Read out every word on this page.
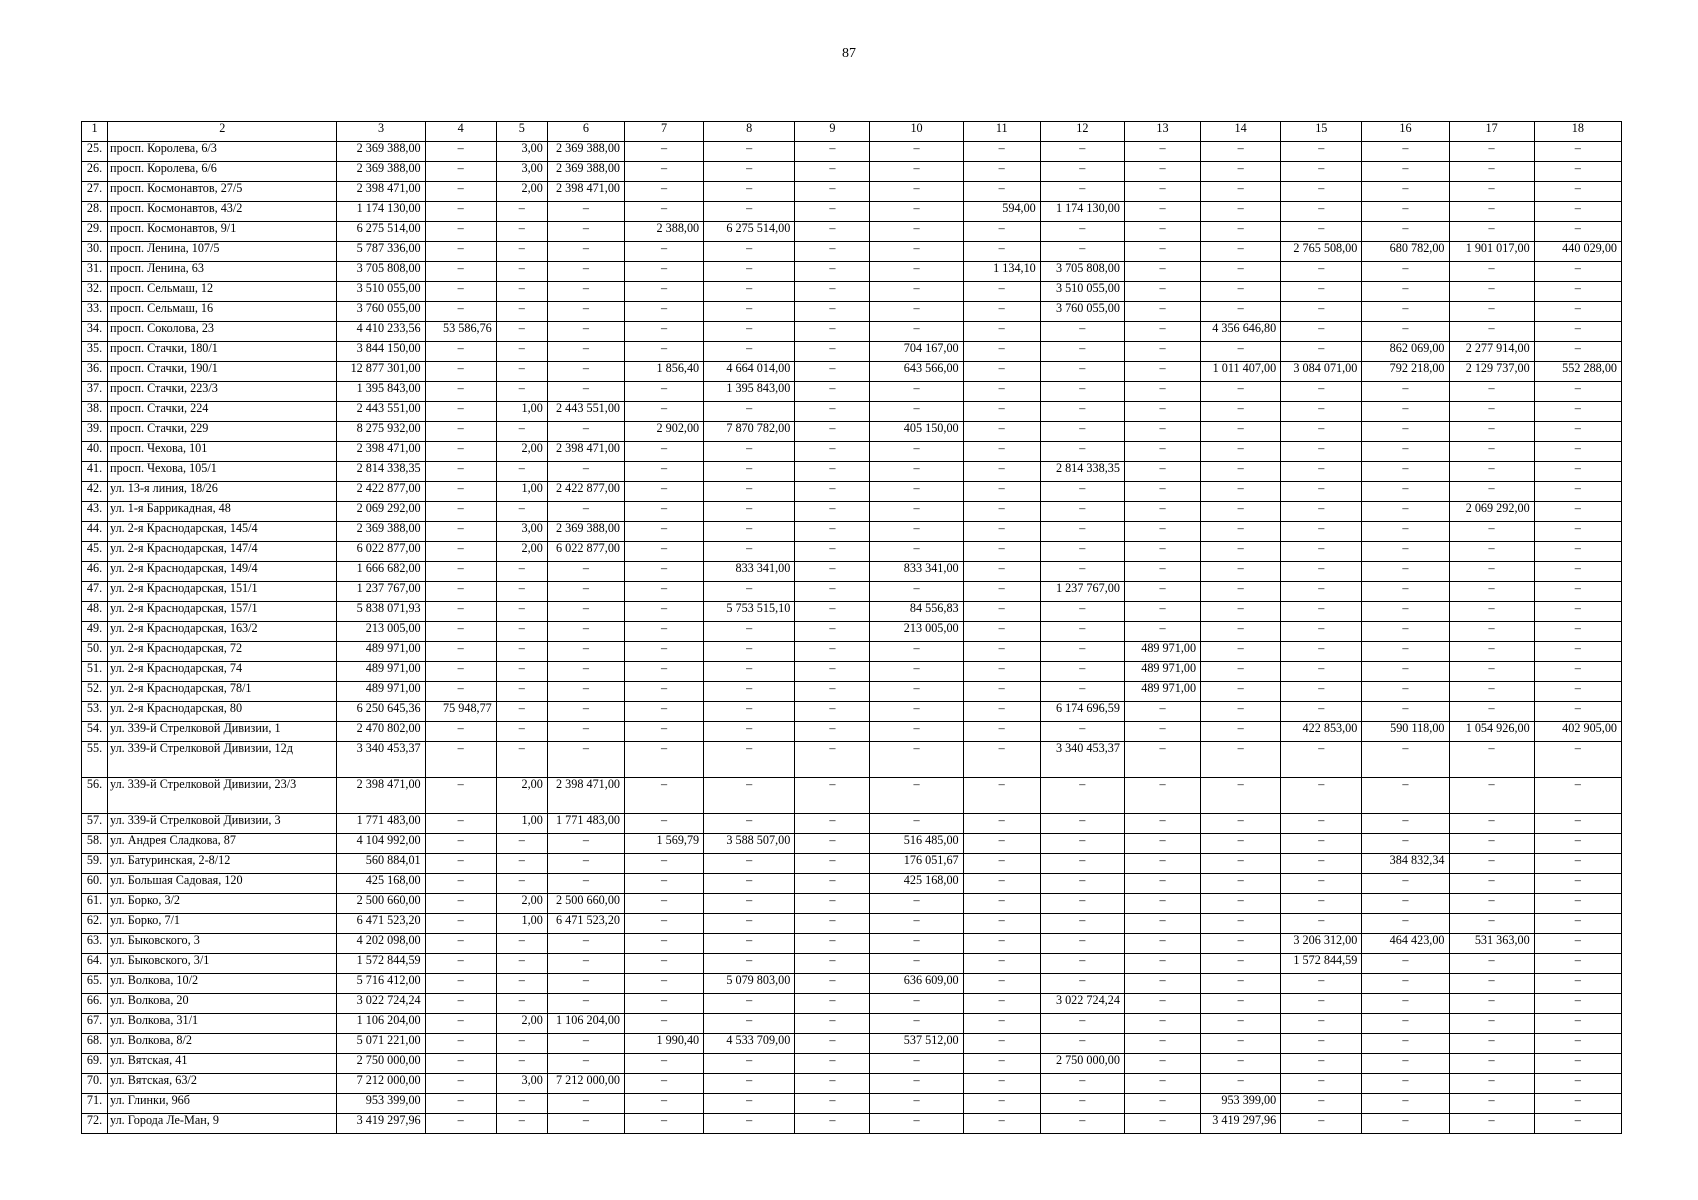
87
1	2	3	4	5	6	7	8	9	10	11	12	13	14	15	16	17	18
25.	просп. Королева, 6/3	2 369 388,00	–	3,00	2 369 388,00	–	–	–	–	–	–	–	–	–	–	–	–
26.	просп. Королева, 6/6	2 369 388,00	–	3,00	2 369 388,00	–	–	–	–	–	–	–	–	–	–	–	–
27.	просп. Космонавтов, 27/5	2 398 471,00	–	2,00	2 398 471,00	–	–	–	–	–	–	–	–	–	–	–	–
28.	просп. Космонавтов, 43/2	1 174 130,00	–	–	–	–	–	–	–	594,00	1 174 130,00	–	–	–	–	–	–
29.	просп. Космонавтов, 9/1	6 275 514,00	–	–	–	2 388,00	6 275 514,00	–	–	–	–	–	–	–	–	–	–
30.	просп. Ленина, 107/5	5 787 336,00	–	–	–	–	–	–	–	–	–	–	–	2 765 508,00	680 782,00	1 901 017,00	440 029,00
31.	просп. Ленина, 63	3 705 808,00	–	–	–	–	–	–	–	1 134,10	3 705 808,00	–	–	–	–	–	–
32.	просп. Сельмаш, 12	3 510 055,00	–	–	–	–	–	–	–	–	3 510 055,00	–	–	–	–	–	–
33.	просп. Сельмаш, 16	3 760 055,00	–	–	–	–	–	–	–	–	3 760 055,00	–	–	–	–	–	–
34.	просп. Соколова, 23	4 410 233,56	53 586,76	–	–	–	–	–	–	–	–	–	4 356 646,80	–	–	–	–
35.	просп. Стачки, 180/1	3 844 150,00	–	–	–	–	–	–	704 167,00	–	–	–	–	–	862 069,00	2 277 914,00	–
36.	просп. Стачки, 190/1	12 877 301,00	–	–	–	1 856,40	4 664 014,00	–	643 566,00	–	–	–	1 011 407,00	3 084 071,00	792 218,00	2 129 737,00	552 288,00
37.	просп. Стачки, 223/3	1 395 843,00	–	–	–	–	1 395 843,00	–	–	–	–	–	–	–	–	–	–
38.	просп. Стачки, 224	2 443 551,00	–	1,00	2 443 551,00	–	–	–	–	–	–	–	–	–	–	–	–
39.	просп. Стачки, 229	8 275 932,00	–	–	–	2 902,00	7 870 782,00	–	405 150,00	–	–	–	–	–	–	–	–
40.	просп. Чехова, 101	2 398 471,00	–	2,00	2 398 471,00	–	–	–	–	–	–	–	–	–	–	–	–
41.	просп. Чехова, 105/1	2 814 338,35	–	–	–	–	–	–	–	–	2 814 338,35	–	–	–	–	–	–
42.	ул. 13-я линия, 18/26	2 422 877,00	–	1,00	2 422 877,00	–	–	–	–	–	–	–	–	–	–	–	–
43.	ул. 1-я Баррикадная, 48	2 069 292,00	–	–	–	–	–	–	–	–	–	–	–	–	–	2 069 292,00	–
44.	ул. 2-я Краснодарская, 145/4	2 369 388,00	–	3,00	2 369 388,00	–	–	–	–	–	–	–	–	–	–	–	–
45.	ул. 2-я Краснодарская, 147/4	6 022 877,00	–	2,00	6 022 877,00	–	–	–	–	–	–	–	–	–	–	–	–
46.	ул. 2-я Краснодарская, 149/4	1 666 682,00	–	–	–	–	833 341,00	–	833 341,00	–	–	–	–	–	–	–	–
47.	ул. 2-я Краснодарская, 151/1	1 237 767,00	–	–	–	–	–	–	–	–	1 237 767,00	–	–	–	–	–	–
48.	ул. 2-я Краснодарская, 157/1	5 838 071,93	–	–	–	–	5 753 515,10	–	84 556,83	–	–	–	–	–	–	–	–
49.	ул. 2-я Краснодарская, 163/2	213 005,00	–	–	–	–	–	–	213 005,00	–	–	–	–	–	–	–	–
50.	ул. 2-я Краснодарская, 72	489 971,00	–	–	–	–	–	–	–	–	–	489 971,00	–	–	–	–	–
51.	ул. 2-я Краснодарская, 74	489 971,00	–	–	–	–	–	–	–	–	–	489 971,00	–	–	–	–	–
52.	ул. 2-я Краснодарская, 78/1	489 971,00	–	–	–	–	–	–	–	–	–	489 971,00	–	–	–	–	–
53.	ул. 2-я Краснодарская, 80	6 250 645,36	75 948,77	–	–	–	–	–	–	–	6 174 696,59	–	–	–	–	–	–
54.	ул. 339-й Стрелковой Дивизии, 1	2 470 802,00	–	–	–	–	–	–	–	–	–	–	–	422 853,00	590 118,00	1 054 926,00	402 905,00
55.	ул. 339-й Стрелковой Дивизии, 12д	3 340 453,37	–	–	–	–	–	–	–	–	3 340 453,37	–	–	–	–	–	–
56.	ул. 339-й Стрелковой Дивизии, 23/3	2 398 471,00	–	2,00	2 398 471,00	–	–	–	–	–	–	–	–	–	–	–	–
57.	ул. 339-й Стрелковой Дивизии, 3	1 771 483,00	–	1,00	1 771 483,00	–	–	–	–	–	–	–	–	–	–	–	–
58.	ул. Андрея Сладкова, 87	4 104 992,00	–	–	–	1 569,79	3 588 507,00	–	516 485,00	–	–	–	–	–	–	–	–
59.	ул. Батуринская, 2-8/12	560 884,01	–	–	–	–	–	–	176 051,67	–	–	–	–	–	384 832,34	–	–
60.	ул. Большая Садовая, 120	425 168,00	–	–	–	–	–	–	425 168,00	–	–	–	–	–	–	–	–
61.	ул. Борко, 3/2	2 500 660,00	–	2,00	2 500 660,00	–	–	–	–	–	–	–	–	–	–	–	–
62.	ул. Борко, 7/1	6 471 523,20	–	1,00	6 471 523,20	–	–	–	–	–	–	–	–	–	–	–	–
63.	ул. Быковского, 3	4 202 098,00	–	–	–	–	–	–	–	–	–	–	–	3 206 312,00	464 423,00	531 363,00	–
64.	ул. Быковского, 3/1	1 572 844,59	–	–	–	–	–	–	–	–	–	–	–	1 572 844,59	–	–	–
65.	ул. Волкова, 10/2	5 716 412,00	–	–	–	–	5 079 803,00	–	636 609,00	–	–	–	–	–	–	–	–
66.	ул. Волкова, 20	3 022 724,24	–	–	–	–	–	–	–	–	3 022 724,24	–	–	–	–	–	–
67.	ул. Волкова, 31/1	1 106 204,00	–	2,00	1 106 204,00	–	–	–	–	–	–	–	–	–	–	–	–
68.	ул. Волкова, 8/2	5 071 221,00	–	–	–	1 990,40	4 533 709,00	–	537 512,00	–	–	–	–	–	–	–	–
69.	ул. Вятская, 41	2 750 000,00	–	–	–	–	–	–	–	–	2 750 000,00	–	–	–	–	–	–
70.	ул. Вятская, 63/2	7 212 000,00	–	3,00	7 212 000,00	–	–	–	–	–	–	–	–	–	–	–	–
71.	ул. Глинки, 96б	953 399,00	–	–	–	–	–	–	–	–	–	–	953 399,00	–	–	–	–
72.	ул. Города Ле-Ман, 9	3 419 297,96	–	–	–	–	–	–	–	–	–	–	3 419 297,96	–	–	–	–
